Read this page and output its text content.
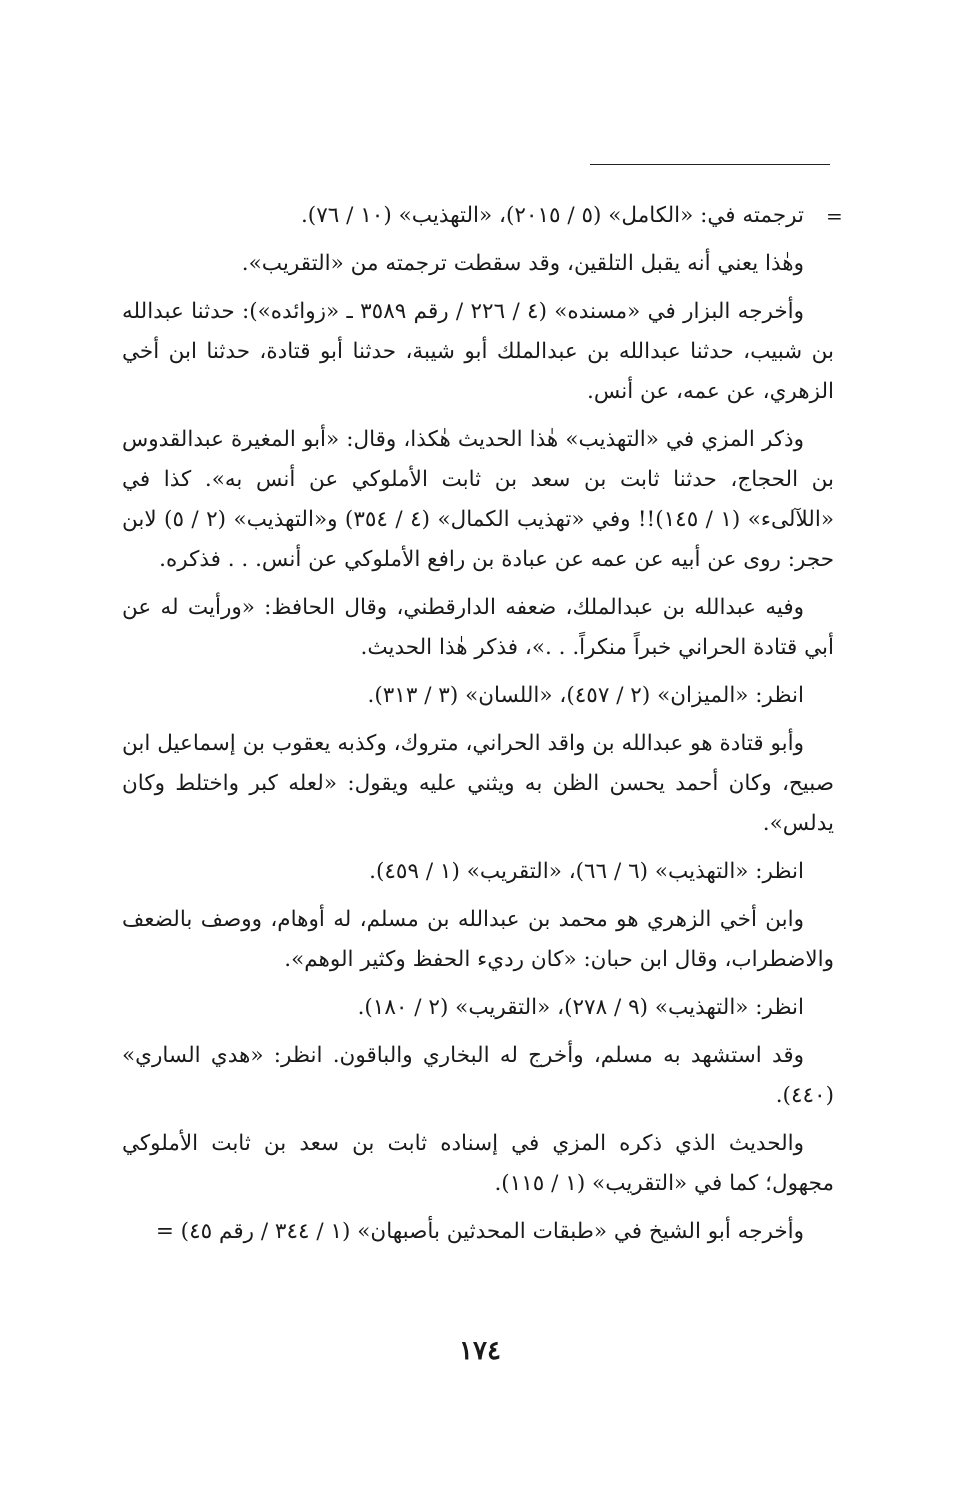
=

ترجمته في: «الكامل» (٥ / ٢٠١٥)، «التهذيب» (١٠ / ٧٦).

وهٰذا يعني أنه يقبل التلقين، وقد سقطت ترجمته من «التقريب».

وأخرجه البزار في «مسنده» (٤ / ٢٢٦ / رقم ٣٥٨٩ ـ «زوائده»): حدثنا عبدالله بن شبيب، حدثنا عبدالله بن عبدالملك أبو شيبة، حدثنا أبو قتادة، حدثنا ابن أخي الزهري، عن عمه، عن أنس.

وذكر المزي في «التهذيب» هٰذا الحديث هٰكذا، وقال: «أبو المغيرة عبدالقدوس بن الحجاج، حدثنا ثابت بن سعد بن ثابت الأملوكي عن أنس به». كذا في «اللآلىء» (١ / ١٤٥)!! وفي «تهذيب الكمال» (٤ / ٣٥٤) و«التهذيب» (٢ / ٥) لابن حجر: روى عن أبيه عن عمه عن عبادة بن رافع الأملوكي عن أنس. . . فذكره.

وفيه عبدالله بن عبدالملك، ضعفه الدارقطني، وقال الحافظ: «ورأيت له عن أبي قتادة الحراني خبراً منكراً. . .»، فذكر هٰذا الحديث.

انظر: «الميزان» (٢ / ٤٥٧)، «اللسان» (٣ / ٣١٣).

وأبو قتادة هو عبدالله بن واقد الحراني، متروك، وكذبه يعقوب بن إسماعيل ابن صبيح، وكان أحمد يحسن الظن به ويثني عليه ويقول: «لعله كبر واختلط وكان يدلس».

انظر: «التهذيب» (٦ / ٦٦)، «التقريب» (١ / ٤٥٩).

وابن أخي الزهري هو محمد بن عبدالله بن مسلم، له أوهام، ووصف بالضعف والاضطراب، وقال ابن حبان: «كان رديء الحفظ وكثير الوهم».

انظر: «التهذيب» (٩ / ٢٧٨)، «التقريب» (٢ / ١٨٠).

وقد استشهد به مسلم، وأخرج له البخاري والباقون. انظر: «هدي الساري» (٤٤٠).

والحديث الذي ذكره المزي في إسناده ثابت بن سعد بن ثابت الأملوكي مجهول؛ كما في «التقريب» (١ / ١١٥).

وأخرجه أبو الشيخ في «طبقات المحدثين بأصبهان» (١ / ٣٤٤ / رقم ٤٥) =

١٧٤
